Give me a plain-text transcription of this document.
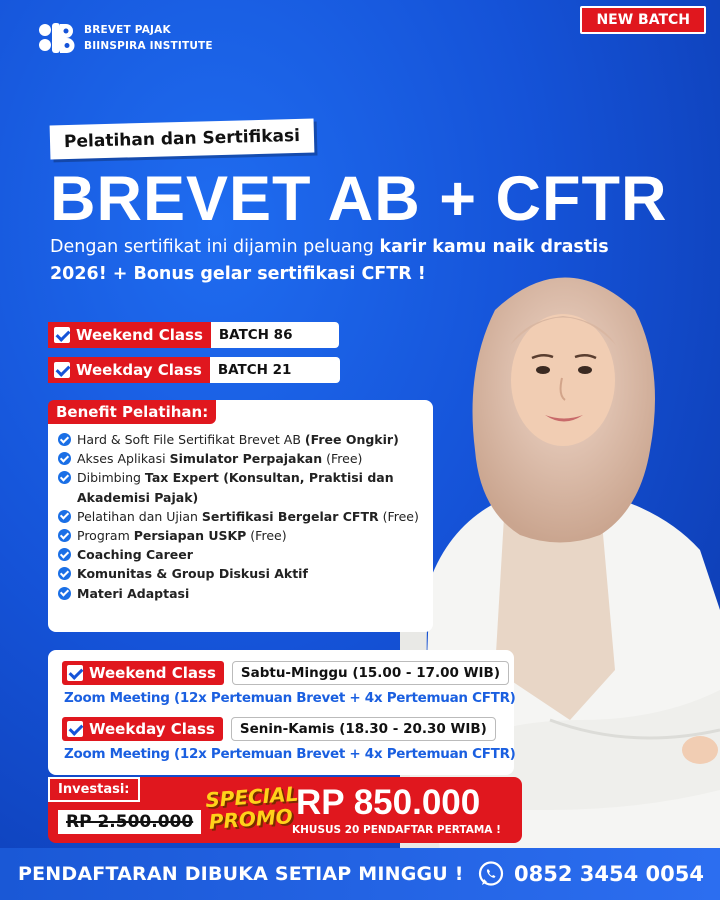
BREVET PAJAK
BIINSPIRA INSTITUTE
NEW BATCH
Pelatihan dan Sertifikasi
BREVET AB + CFTR
Dengan sertifikat ini dijamin peluang karir kamu naik drastis 2026! + Bonus gelar sertifikasi CFTR !
Weekend Class	BATCH 86
Weekday Class	BATCH 21
Benefit Pelatihan:
Hard & Soft File Sertifikat Brevet AB (Free Ongkir)
Akses Aplikasi Simulator Perpajakan (Free)
Dibimbing Tax Expert (Konsultan, Praktisi dan Akademisi Pajak)
Pelatihan dan Ujian Sertifikasi Bergelar CFTR (Free)
Program Persiapan USKP (Free)
Coaching Career
Komunitas & Group Diskusi Aktif
Materi Adaptasi
Weekend Class	Sabtu-Minggu (15.00 - 17.00 WIB)
Zoom Meeting (12x Pertemuan Brevet + 4x Pertemuan CFTR)
Weekday Class	Senin-Kamis (18.30 - 20.30 WIB)
Zoom Meeting (12x Pertemuan Brevet + 4x Pertemuan CFTR)
Investasi:
RP 2.500.000
SPECIAL
PROMO RP 850.000
KHUSUS 20 PENDAFTAR PERTAMA !
PENDAFTARAN DIBUKA SETIAP MINGGU ! 0852 3454 0054
